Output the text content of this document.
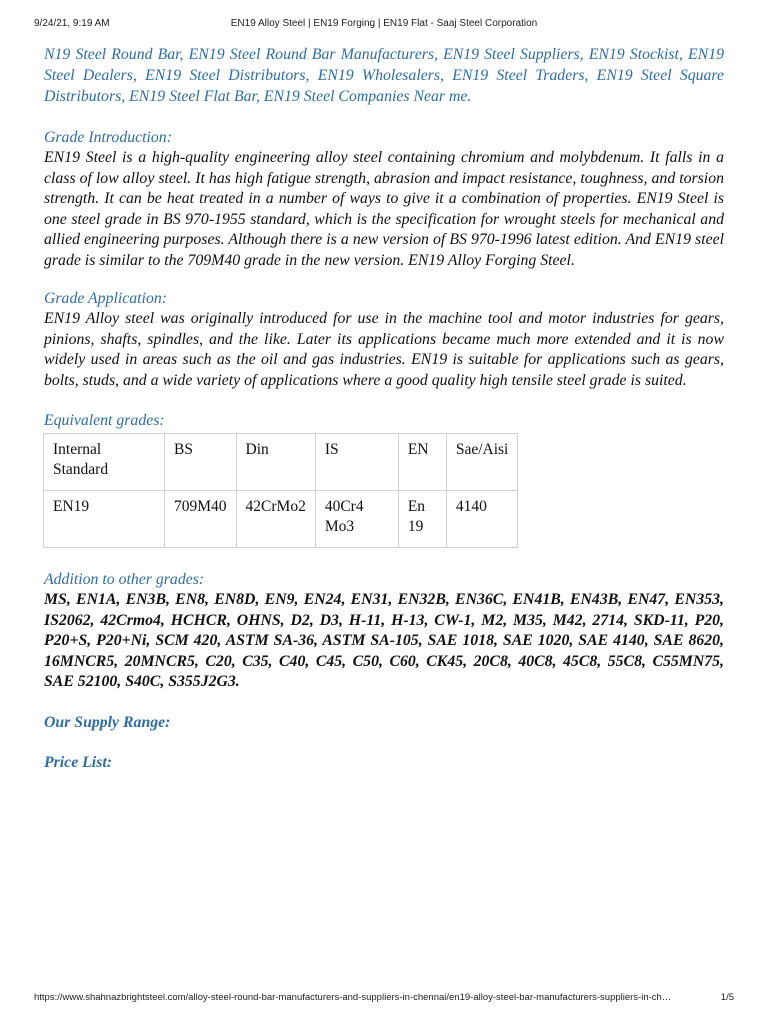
9/24/21, 9:19 AM	EN19 Alloy Steel | EN19 Forging | EN19 Flat - Saaj Steel Corporation

N19 Steel Round Bar, EN19 Steel Round Bar Manufacturers, EN19 Steel Suppliers, EN19 Stockist, EN19 Steel Dealers, EN19 Steel Distributors, EN19 Wholesalers, EN19 Steel Traders, EN19 Steel Square Distributors, EN19 Steel Flat Bar, EN19 Steel Companies Near me.

Grade Introduction:

EN19 Steel is a high-quality engineering alloy steel containing chromium and molybdenum. It falls in a class of low alloy steel. It has high fatigue strength, abrasion and impact resistance, toughness, and torsion strength. It can be heat treated in a number of ways to give it a combination of properties. EN19 Steel is one steel grade in BS 970-1955 standard, which is the specification for wrought steels for mechanical and allied engineering purposes. Although there is a new version of BS 970-1996 latest edition. And EN19 steel grade is similar to the 709M40 grade in the new version. EN19 Alloy Forging Steel.

Grade Application:

EN19 Alloy steel was originally introduced for use in the machine tool and motor industries for gears, pinions, shafts, spindles, and the like. Later its applications became much more extended and it is now widely used in areas such as the oil and gas industries. EN19 is suitable for applications such as gears, bolts, studs, and a wide variety of applications where a good quality high tensile steel grade is suited.

Equivalent grades:

Internal Standard	BS	Din	IS	EN	Sae/Aisi
EN19	709M40	42CrMo2	40Cr4 Mo3	En 19	4140

Addition to other grades:

MS, EN1A, EN3B, EN8, EN8D, EN9, EN24, EN31, EN32B, EN36C, EN41B, EN43B, EN47, EN353, IS2062, 42Crmo4, HCHCR, OHNS, D2, D3, H-11, H-13, CW-1, M2, M35, M42, 2714, SKD-11, P20, P20+S, P20+Ni, SCM 420, ASTM SA-36, ASTM SA-105, SAE 1018, SAE 1020, SAE 4140, SAE 8620, 16MNCR5, 20MNCR5, C20, C35, C40, C45, C50, C60, CK45, 20C8, 40C8, 45C8, 55C8, C55MN75, SAE 52100, S40C, S355J2G3.

Our Supply Range:

Price List:

https://www.shahnazbrightsteel.com/alloy-steel-round-bar-manufacturers-and-suppliers-in-chennai/en19-alloy-steel-bar-manufacturers-suppliers-in-ch…	1/5
